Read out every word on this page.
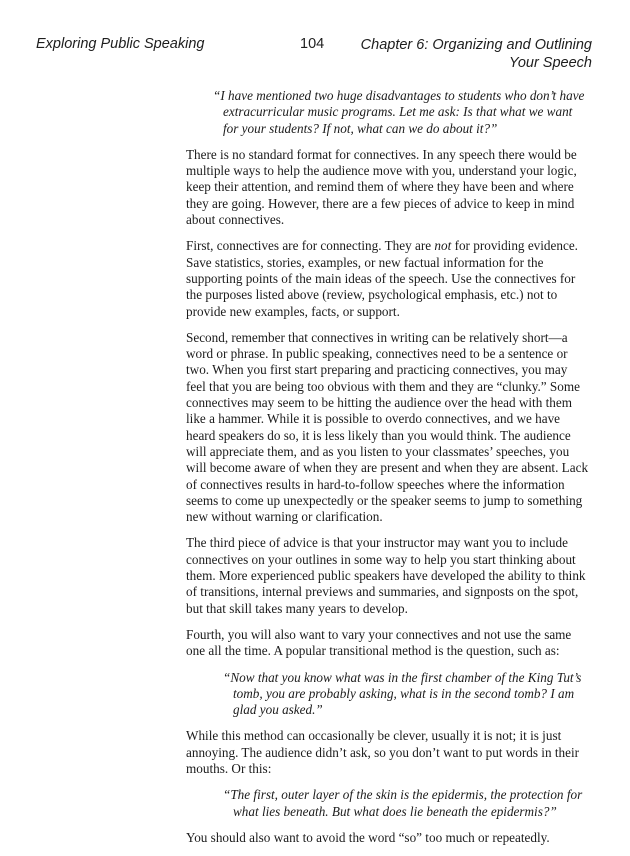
Exploring Public Speaking	104	Chapter 6: Organizing and Outlining Your Speech

“I have mentioned two huge disadvantages to students who don’t have extracurricular music programs. Let me ask: Is that what we want for your students? If not, what can we do about it?”

There is no standard format for connectives. In any speech there would be multiple ways to help the audience move with you, understand your logic, keep their attention, and remind them of where they have been and where they are going. However, there are a few pieces of advice to keep in mind about connectives.

First, connectives are for connecting. They are not for providing evidence. Save statistics, stories, examples, or new factual information for the supporting points of the main ideas of the speech. Use the connectives for the purposes listed above (review, psychological emphasis, etc.) not to provide new examples, facts, or support.

Second, remember that connectives in writing can be relatively short—a word or phrase. In public speaking, connectives need to be a sentence or two. When you first start preparing and practicing connectives, you may feel that you are being too obvious with them and they are “clunky.” Some connectives may seem to be hitting the audience over the head with them like a hammer. While it is possible to overdo connectives, and we have heard speakers do so, it is less likely than you would think. The audience will appreciate them, and as you listen to your classmates’ speeches, you will become aware of when they are present and when they are absent. Lack of connectives results in hard-to-follow speeches where the information seems to come up unexpectedly or the speaker seems to jump to something new without warning or clarification.

The third piece of advice is that your instructor may want you to include connectives on your outlines in some way to help you start thinking about them. More experienced public speakers have developed the ability to think of transitions, internal previews and summaries, and signposts on the spot, but that skill takes many years to develop.

Fourth, you will also want to vary your connectives and not use the same one all the time. A popular transitional method is the question, such as:

“Now that you know what was in the first chamber of the King Tut’s tomb, you are probably asking, what is in the second tomb? I am glad you asked.”

While this method can occasionally be clever, usually it is not; it is just annoying. The audience didn’t ask, so you don’t want to put words in their mouths. Or this:

“The first, outer layer of the skin is the epidermis, the protection for what lies beneath. But what does lie beneath the epidermis?”

You should also want to avoid the word “so” too much or repeatedly.
